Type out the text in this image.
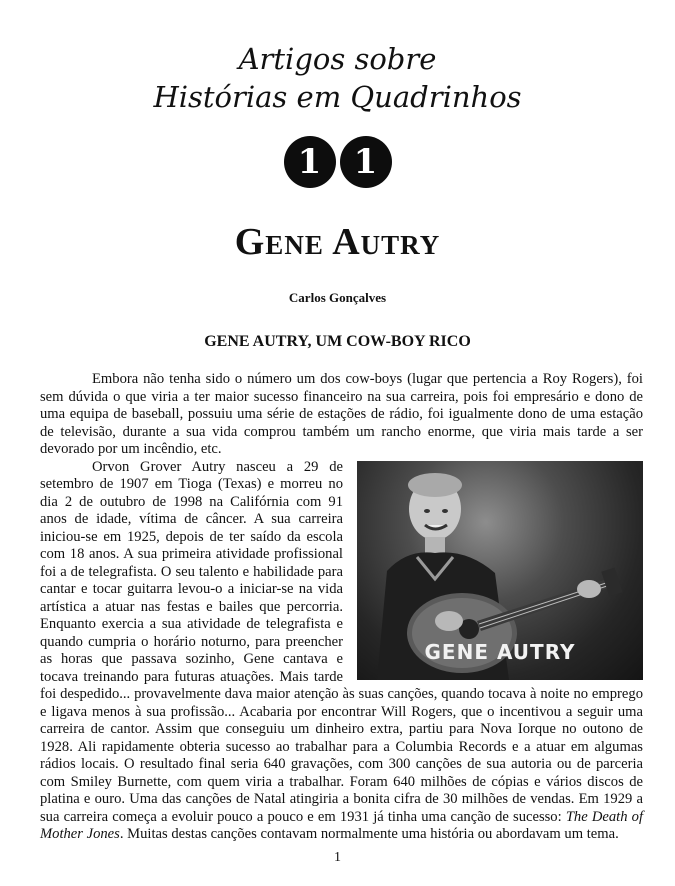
Artigos sobre
Histórias em Quadrinhos
1 1
Gene Autry
Carlos Gonçalves
GENE AUTRY, UM COW-BOY RICO

Embora não tenha sido o número um dos cow-boys (lugar que pertencia a Roy Rogers), foi sem dúvida o que viria a ter maior sucesso financeiro na sua carreira, pois foi empresário e dono de uma equipa de baseball, possuiu uma série de estações de rádio, foi igualmente dono de uma estação de televisão, durante a sua vida comprou também um rancho enorme, que viria mais tarde a ser devorado por um incêndio, etc.

GENE AUTRY

Orvon Grover Autry nasceu a 29 de setembro de 1907 em Tioga (Texas) e morreu no dia 2 de outubro de 1998 na Califórnia com 91 anos de idade, vítima de câncer. A sua carreira iniciou-se em 1925, depois de ter saído da escola com 18 anos. A sua primeira atividade profissional foi a de telegrafista. O seu talento e habilidade para cantar e tocar guitarra levou-o a iniciar-se na vida artística a atuar nas festas e bailes que percorria. Enquanto exercia a sua atividade de telegrafista e quando cumpria o horário noturno, para preencher as horas que passava sozinho, Gene cantava e tocava treinando para futuras atuações. Mais tarde foi despedido... provavelmente dava maior atenção às suas canções, quando tocava à noite no emprego e ligava menos à sua profissão... Acabaria por encontrar Will Rogers, que o incentivou a seguir uma carreira de cantor. Assim que conseguiu um dinheiro extra, partiu para Nova Iorque no outono de 1928. Ali rapidamente obteria sucesso ao trabalhar para a Columbia Records e a atuar em algumas rádios locais. O resultado final seria 640 gravações, com 300 canções de sua autoria ou de parceria com Smiley Burnette, com quem viria a trabalhar. Foram 640 milhões de cópias e vários discos de platina e ouro. Uma das canções de Natal atingiria a bonita cifra de 30 milhões de vendas. Em 1929 a sua carreira começa a evoluir pouco a pouco e em 1931 já tinha uma canção de sucesso: The Death of Mother Jones. Muitas destas canções contavam normalmente uma história ou abordavam um tema.

1
